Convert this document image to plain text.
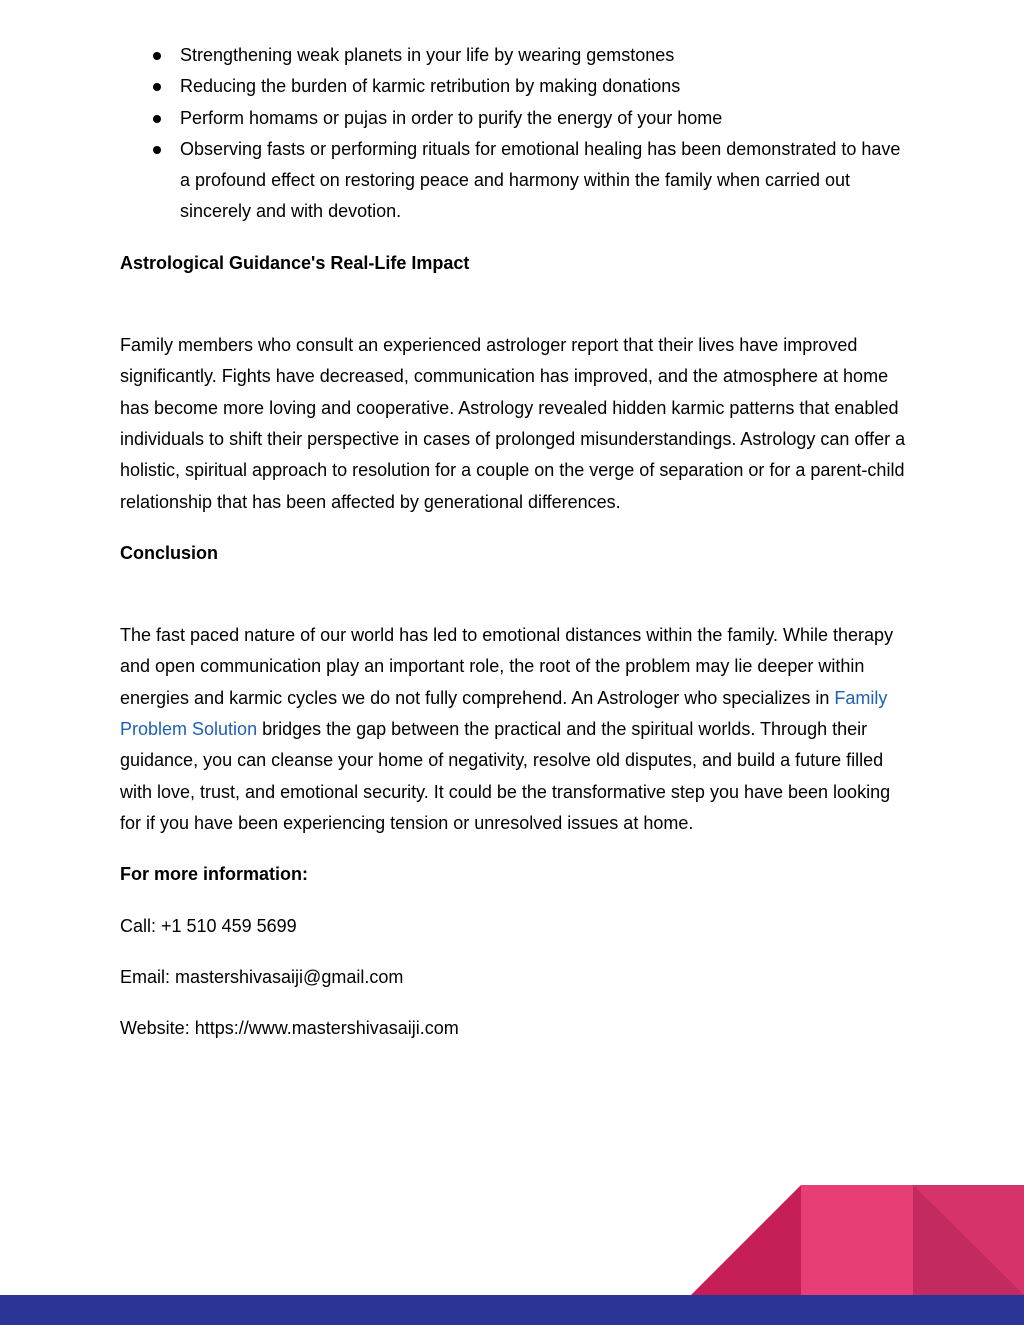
Strengthening weak planets in your life by wearing gemstones
Reducing the burden of karmic retribution by making donations
Perform homams or pujas in order to purify the energy of your home
Observing fasts or performing rituals for emotional healing has been demonstrated to have a profound effect on restoring peace and harmony within the family when carried out sincerely and with devotion.

Astrological Guidance's Real-Life Impact

Family members who consult an experienced astrologer report that their lives have improved significantly. Fights have decreased, communication has improved, and the atmosphere at home has become more loving and cooperative. Astrology revealed hidden karmic patterns that enabled individuals to shift their perspective in cases of prolonged misunderstandings. Astrology can offer a holistic, spiritual approach to resolution for a couple on the verge of separation or for a parent-child relationship that has been affected by generational differences.

Conclusion

The fast paced nature of our world has led to emotional distances within the family. While therapy and open communication play an important role, the root of the problem may lie deeper within energies and karmic cycles we do not fully comprehend. An Astrologer who specializes in Family Problem Solution bridges the gap between the practical and the spiritual worlds. Through their guidance, you can cleanse your home of negativity, resolve old disputes, and build a future filled with love, trust, and emotional security. It could be the transformative step you have been looking for if you have been experiencing tension or unresolved issues at home.

For more information:

Call: +1 510 459 5699

Email: mastershivasaiji@gmail.com

Website: https://www.mastershivasaiji.com
